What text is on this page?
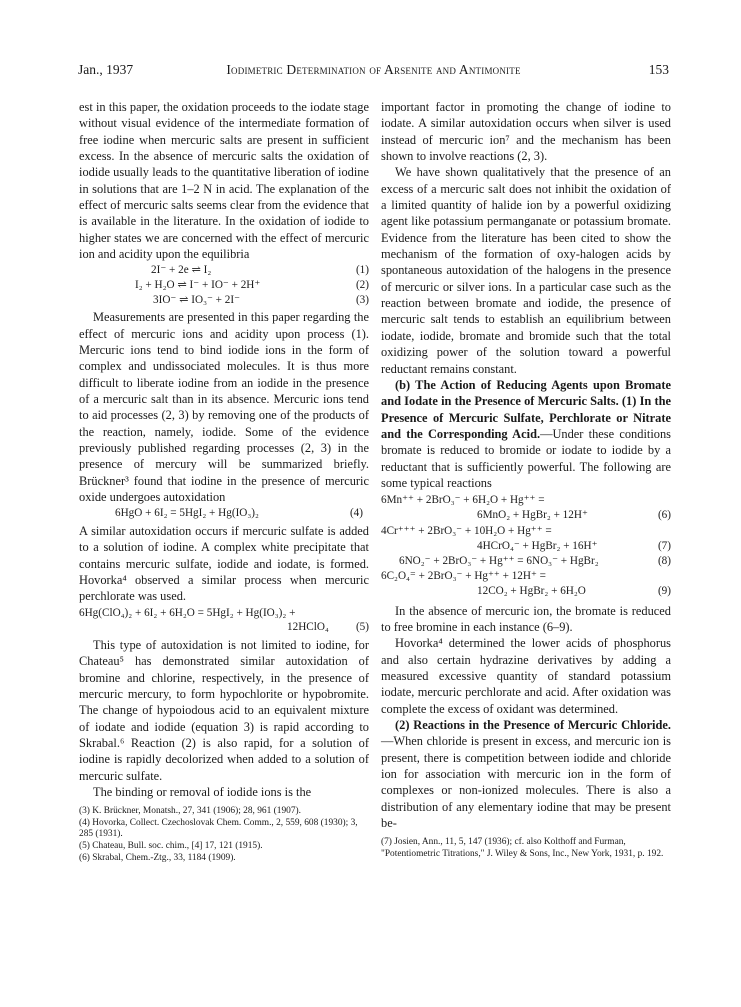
Jan., 1937	Iodimetric Determination of Arsenite and Antimonite	153

est in this paper, the oxidation proceeds to the iodate stage without visual evidence of the intermediate formation of free iodine when mercuric salts are present in sufficient excess. In the absence of mercuric salts the oxidation of iodide usually leads to the quantitative liberation of iodine in solutions that are 1–2 N in acid. The explanation of the effect of mercuric salts seems clear from the evidence that is available in the literature. In the oxidation of iodide to higher states we are concerned with the effect of mercuric ion and acidity upon the equilibria

2I⁻ + 2e ⇌ I₂	(1)
I₂ + H₂O ⇌ I⁻ + IO⁻ + 2H⁺	(2)
3IO⁻ ⇌ IO₃⁻ + 2I⁻	(3)

Measurements are presented in this paper regarding the effect of mercuric ions and acidity upon process (1). Mercuric ions tend to bind iodide ions in the form of complex and undissociated molecules. It is thus more difficult to liberate iodine from an iodide in the presence of a mercuric salt than in its absence. Mercuric ions tend to aid processes (2, 3) by removing one of the products of the reaction, namely, iodide. Some of the evidence previously published regarding processes (2, 3) in the presence of mercury will be summarized briefly. Brückner³ found that iodine in the presence of mercuric oxide undergoes autoxidation

6HgO + 6I₂ = 5HgI₂ + Hg(IO₃)₂	(4)

A similar autoxidation occurs if mercuric sulfate is added to a solution of iodine. A complex white precipitate that contains mercuric sulfate, iodide and iodate, is formed. Hovorka⁴ observed a similar process when mercuric perchlorate was used.

6Hg(ClO₄)₂ + 6I₂ + 6H₂O = 5HgI₂ + Hg(IO₃)₂ +
12HClO₄ (5)

This type of autoxidation is not limited to iodine, for Chateau⁵ has demonstrated similar autoxidation of bromine and chlorine, respectively, in the presence of mercuric mercury, to form hypochlorite or hypobromite. The change of hypoiodous acid to an equivalent mixture of iodate and iodide (equation 3) is rapid according to Skrabal.⁶ Reaction (2) is also rapid, for a solution of iodine is rapidly decolorized when added to a solution of mercuric sulfate.

The binding or removal of iodide ions is the

(3) K. Brückner, Monatsh., 27, 341 (1906); 28, 961 (1907).
(4) Hovorka, Collect. Czechoslovak Chem. Comm., 2, 559, 608 (1930); 3, 285 (1931).
(5) Chateau, Bull. soc. chim., [4] 17, 121 (1915).
(6) Skrabal, Chem.-Ztg., 33, 1184 (1909).

important factor in promoting the change of iodine to iodate. A similar autoxidation occurs when silver is used instead of mercuric ion⁷ and the mechanism has been shown to involve reactions (2, 3).

We have shown qualitatively that the presence of an excess of a mercuric salt does not inhibit the oxidation of a limited quantity of halide ion by a powerful oxidizing agent like potassium permanganate or potassium bromate. Evidence from the literature has been cited to show the mechanism of the formation of oxy-halogen acids by spontaneous autoxidation of the halogens in the presence of mercuric or silver ions. In a particular case such as the reaction between bromate and iodide, the presence of mercuric salt tends to establish an equilibrium between iodate, iodide, bromate and bromide such that the total oxidizing power of the solution toward a powerful reductant remains constant.

(b) The Action of Reducing Agents upon Bromate and Iodate in the Presence of Mercuric Salts. (1) In the Presence of Mercuric Sulfate, Perchlorate or Nitrate and the Corresponding Acid.—Under these conditions bromate is reduced to bromide or iodate to iodide by a reductant that is sufficiently powerful. The following are some typical reactions

6Mn⁺⁺ + 2BrO₃⁻ + 6H₂O + Hg⁺⁺ =
6MnO₂ + HgBr₂ + 12H⁺	(6)
4Cr⁺⁺⁺ + 2BrO₃⁻ + 10H₂O + Hg⁺⁺ =
4HCrO₄⁻ + HgBr₂ + 16H⁺	(7)
6NO₂⁻ + 2BrO₃⁻ + Hg⁺⁺ = 6NO₃⁻ + HgBr₂	(8)
6C₂O₄⁼ + 2BrO₃⁻ + Hg⁺⁺ + 12H⁺ =
12CO₂ + HgBr₂ + 6H₂O	(9)

In the absence of mercuric ion, the bromate is reduced to free bromine in each instance (6–9).

Hovorka⁴ determined the lower acids of phosphorus and also certain hydrazine derivatives by adding a measured excessive quantity of standard potassium iodate, mercuric perchlorate and acid. After oxidation was complete the excess of oxidant was determined.

(2) Reactions in the Presence of Mercuric Chloride.—When chloride is present in excess, and mercuric ion is present, there is competition between iodide and chloride ion for association with mercuric ion in the form of complexes or non-ionized molecules. There is also a distribution of any elementary iodine that may be present be-

(7) Josien, Ann., 11, 5, 147 (1936); cf. also Kolthoff and Furman, "Potentiometric Titrations," J. Wiley & Sons, Inc., New York, 1931, p. 192.
